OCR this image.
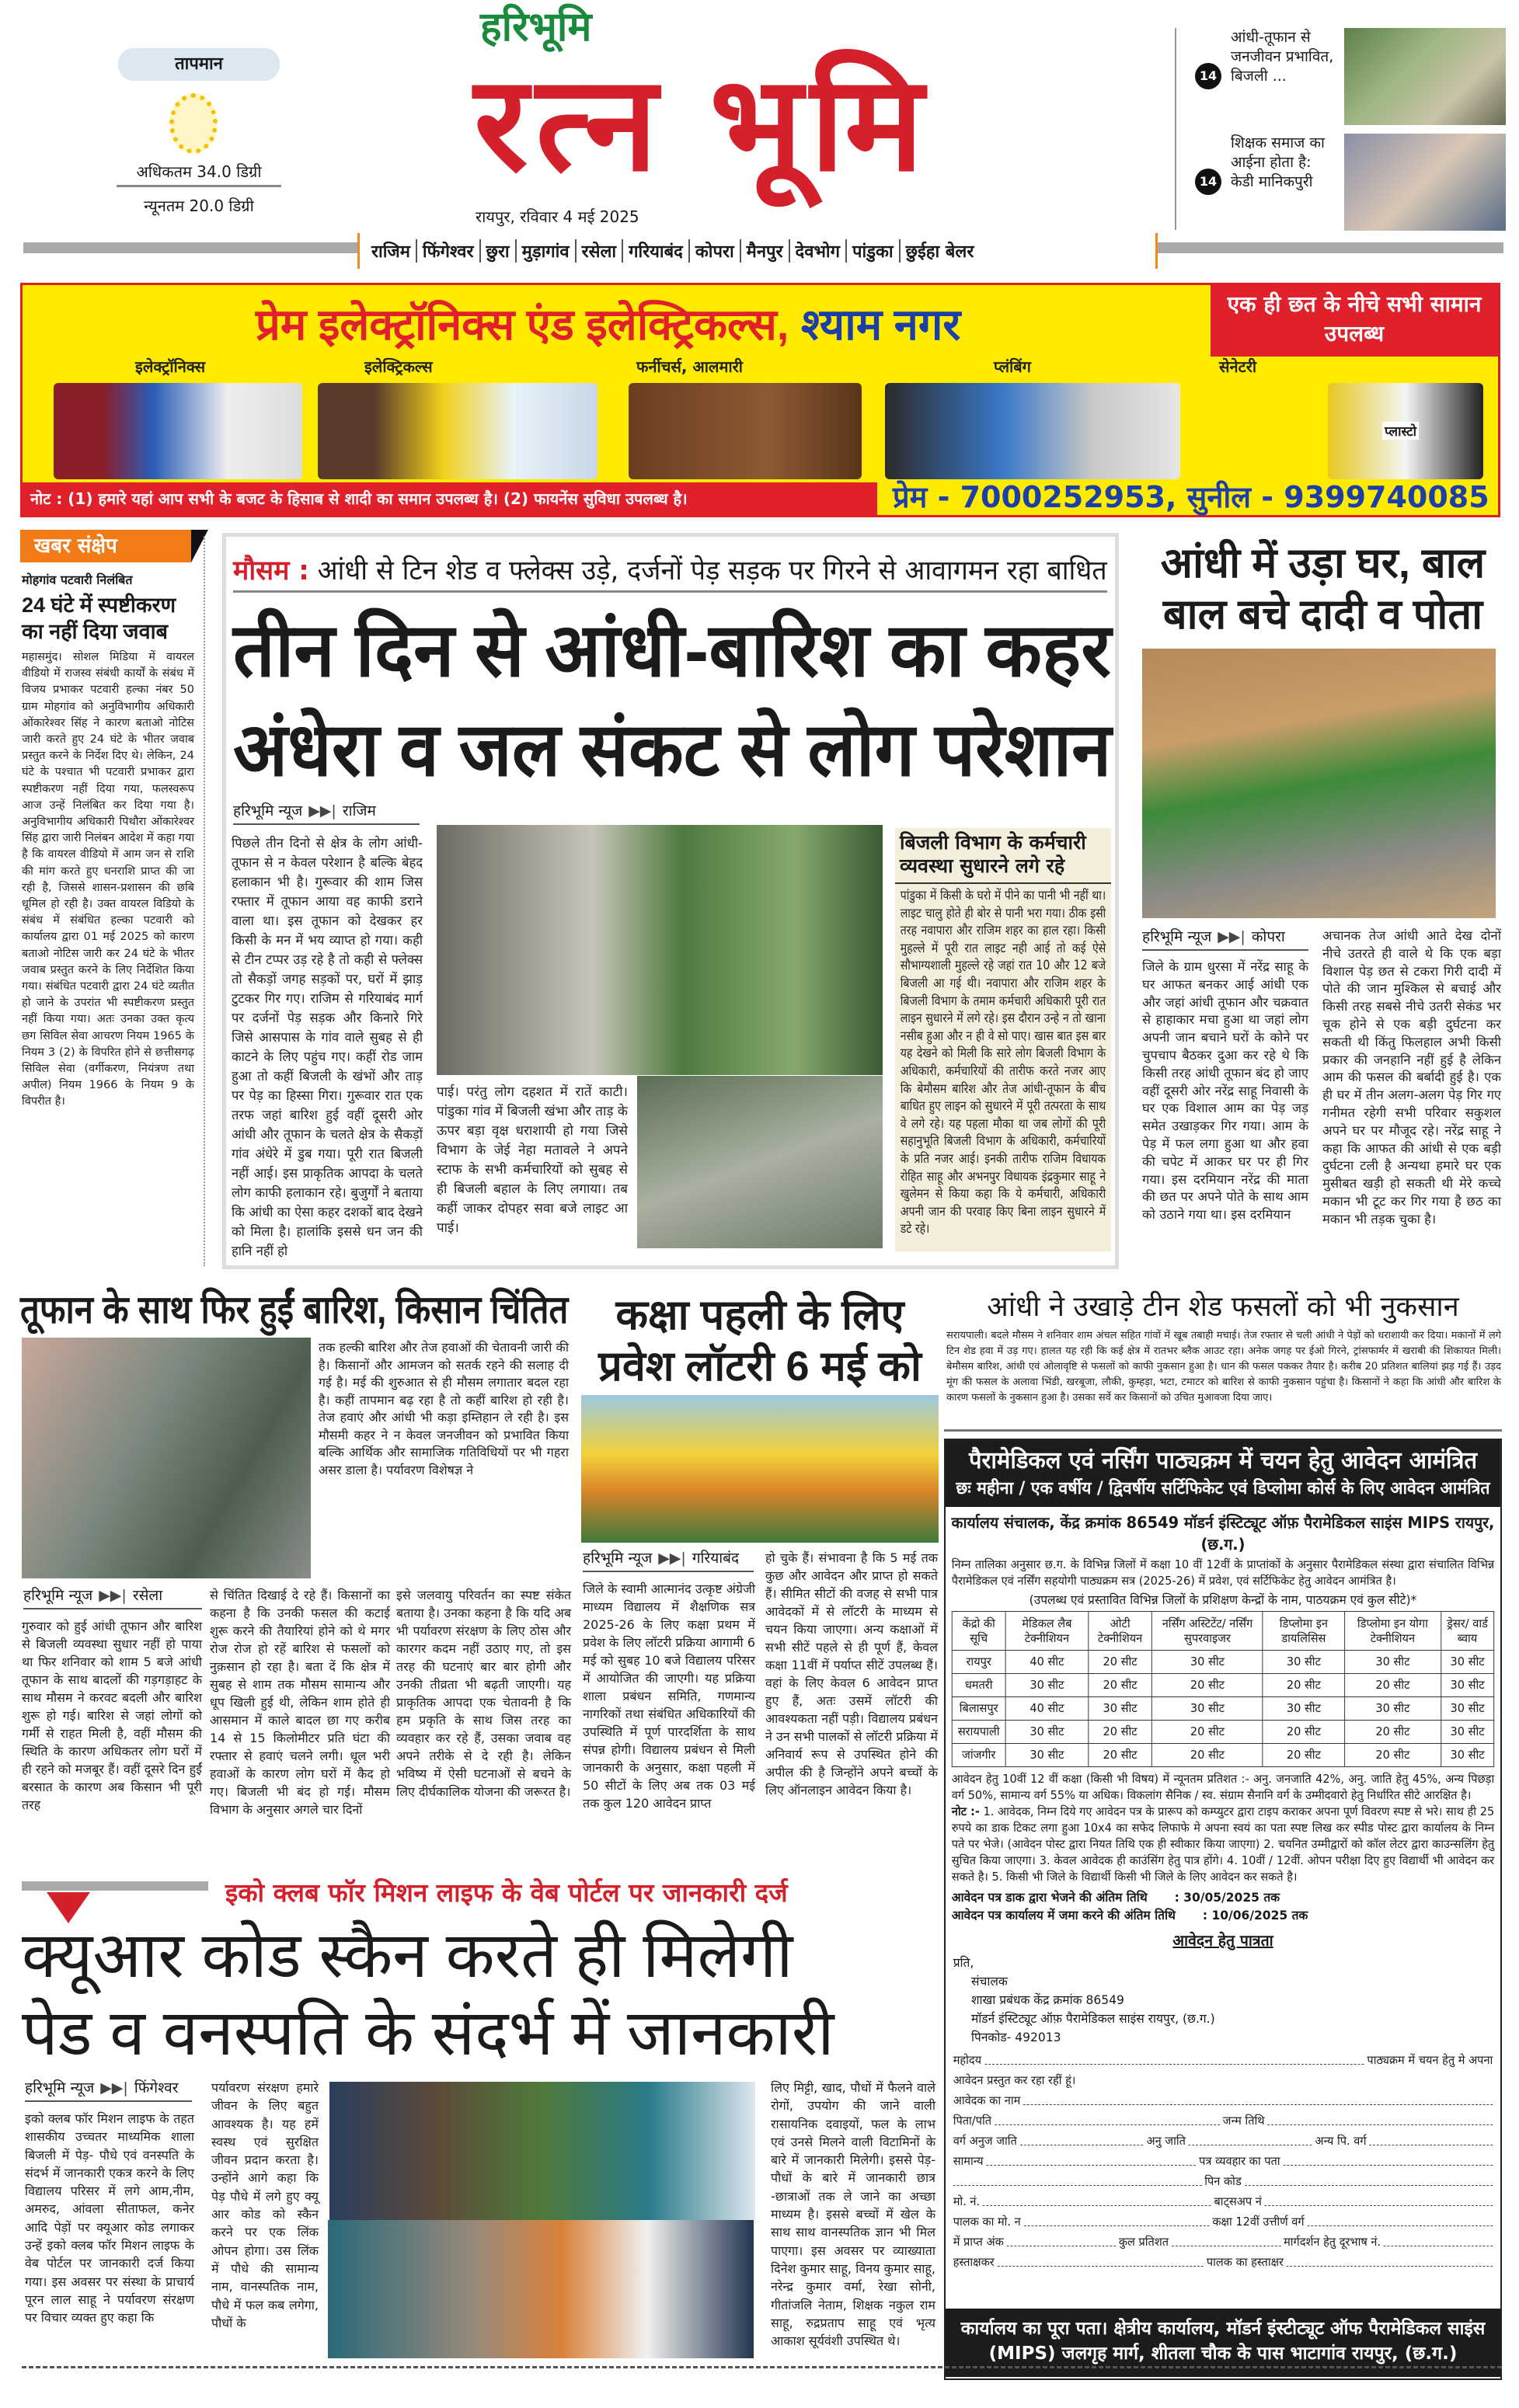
तापमान
अधिकतम 34.0 डिग्री
न्यूनतम 20.0 डिग्री
हरिभूमि
रत्न भूमि
रायपुर, रविवार 4 मई 2025
14
आंधी-तूफान से जनजीवन प्रभावित, बिजली ...
14
शिक्षक समाज का आईना होता है: केडी मानिकपुरी
राजिम फिंगेश्वर छुरा मुड़ागांव रसेला गरियाबंद कोपरा मैनपुर देवभोग पांडुका छुईहा बेलर
प्रेम इलेक्ट्रॉनिक्स एंड इलेक्ट्रिकल्स, श्याम नगर	एक ही छत के नीचे सभी सामान उपलब्ध
प्लास्टो
इलेक्ट्रॉनिक्स	इलेक्ट्रिकल्स	फर्नीचर्स, आलमारी	प्लंबिंग	सेनेटरी
नोट : (1) हमारे यहां आप सभी के बजट के हिसाब से शादी का समान उपलब्ध है। (2) फायनेंस सुविधा उपलब्ध है।	प्रेम - 7000252953, सुनील - 9399740085
खबर संक्षेप
मोहगांव पटवारी निलंबित
24 घंटे में स्पष्टीकरण का नहीं दिया जवाब
महासमुंद। सोशल मिडिया में वायरल वीडियो में राजस्व संबंधी कार्यों के संबंध में विजय प्रभाकर पटवारी हल्का नंबर 50 ग्राम मोहगांव को अनुविभागीय अधिकारी ओंकारेश्वर सिंह ने कारण बताओ नोटिस जारी करते हुए 24 घंटे के भीतर जवाब प्रस्तुत करने के निर्देश दिए थे। लेकिन, 24 घंटे के पश्चात भी पटवारी प्रभाकर द्वारा स्पष्टीकरण नहीं दिया गया, फलस्वरूप आज उन्हें निलंबित कर दिया गया है। अनुविभागीय अधिकारी पिथौरा ओंकारेश्वर सिंह द्वारा जारी निलंबन आदेश में कहा गया है कि वायरल वीडियो में आम जन से राशि की मांग करते हुए धनराशि प्राप्त की जा रही है, जिससे शासन-प्रशासन की छबि धूमिल हो रही है। उक्त वायरल विडियो के संबंध में संबंधित हल्का पटवारी को कार्यालय द्वारा 01 मई 2025 को कारण बताओ नोटिस जारी कर 24 घंटे के भीतर जवाब प्रस्तुत करने के लिए निर्देशित किया गया। संबंधित पटवारी द्वारा 24 घंटे व्यतीत हो जाने के उपरांत भी स्पष्टीकरण प्रस्तुत नहीं किया गया। अतः उनका उक्त कृत्य छग सिविल सेवा आचरण नियम 1965 के नियम 3 (2) के विपरित होने से छत्तीसगढ़ सिविल सेवा (वर्गीकरण, नियंत्रण तथा अपील) नियम 1966 के नियम 9 के विपरीत है।
मौसम : आंधी से टिन शेड व फ्लेक्स उड़े, दर्जनों पेड़ सड़क पर गिरने से आवागमन रहा बाधित
तीन दिन से आंधी-बारिश का कहर
अंधेरा व जल संकट से लोग परेशान
हरिभूमि न्यूज ▶▶| राजिम
पिछले तीन दिनो से क्षेत्र के लोग आंधी-तूफान से न केवल परेशान है बल्कि बेहद हलाकान भी है। गुरूवार की शाम जिस रफ्तार में तूफान आया वह काफी डराने वाला था। इस तूफान को देखकर हर किसी के मन में भय व्याप्त हो गया। कही से टीन टप्पर उड़ रहे है तो कही से फ्लेक्स तो सैकड़ों जगह सड़कों पर, घरों में झाड़ टुटकर गिर गए। राजिम से गरियाबंद मार्ग पर दर्जनों पेड़ सड़क और किनारे गिरे जिसे आसपास के गांव वाले सुबह से ही काटने के लिए पहुंच गए। कहीं रोड जाम हुआ तो कहीं बिजली के खंभों और ताड़ पर पेड़ का हिस्सा गिरा। गुरूवार रात एक तरफ जहां बारिश हुई वहीं दूसरी ओर आंधी और तूफान के चलते क्षेत्र के सैकड़ों गांव अंधेरे में डुब गया। पूरी रात बिजली नहीं आई। इस प्राकृतिक आपदा के चलते लोग काफी हलाकान रहे। बुजुर्गों ने बताया कि आंधी का ऐसा कहर दशकों बाद देखने को मिला है। हालांकि इससे धन जन की हानि नहीं हो
पाई। परंतु लोग दहशत में रातें काटी। पांडुका गांव में बिजली खंभा और ताड़ के ऊपर बड़ा वृक्ष धराशायी हो गया जिसे विभाग के जेई नेहा मतावले ने अपने स्टाफ के सभी कर्मचारियों को सुबह से ही बिजली बहाल के लिए लगाया। तब कहीं जाकर दोपहर सवा बजे लाइट आ पाई।
बिजली विभाग के कर्मचारी व्यवस्था सुधारने लगे रहे
पांडुका में किसी के घरो में पीने का पानी भी नहीं था। लाइट चालु होते ही बोर से पानी भरा गया। ठीक इसी तरह नवापारा और राजिम शहर का हाल रहा। किसी मुहल्ले में पूरी रात लाइट नही आई तो कई ऐसे सौभाग्यशाली मुहल्ले रहे जहां रात 10 और 12 बजे बिजली आ गई थी। नवापारा और राजिम शहर के बिजली विभाग के तमाम कर्मचारी अधिकारी पूरी रात लाइन सुधारने में लगे रहे। इस दौरान उन्हे न तो खाना नसीब हुआ और न ही वे सो पाए। खास बात इस बार यह देखने को मिली कि सारे लोग बिजली विभाग के अधिकारी, कर्मचारियों की तारीफ करते नजर आए कि बेमौसम बारिश और तेज आंधी-तूफान के बीच बाधित हुए लाइन को सुधारने में पूरी तत्परता के साथ वे लगे रहे। यह पहला मौका था जब लोगों की पूरी सहानुभूति बिजली विभाग के अधिकारी, कर्मचारियों के प्रति नजर आई। इनकी तारीफ राजिम विधायक रोहित साहू और अभनपुर विधायक इंद्रकुमार साहू ने खुलेमन से किया कहा कि ये कर्मचारी, अधिकारी अपनी जान की परवाह किए बिना लाइन सुधारने में डटे रहे।
आंधी में उड़ा घर, बाल बाल बचे दादी व पोता
हरिभूमि न्यूज ▶▶| कोपरा
जिले के ग्राम धुरसा में नरेंद्र साहू के घर आफत बनकर आई आंधी एक और जहां आंधी तूफान और चक्रवात से हाहाकार मचा हुआ था जहां लोग अपनी जान बचाने घरों के कोने पर चुपचाप बैठकर दुआ कर रहे थे कि किसी तरह आंधी तूफान बंद हो जाए वहीं दूसरी ओर नरेंद्र साहू निवासी के घर एक विशाल आम का पेड़ जड़ समेत उखाड़कर गिर गया। आम के पेड़ में फल लगा हुआ था और हवा की चपेट में आकर घर पर ही गिर गया। इस दरमियान नरेंद्र की माता की छत पर अपने पोते के साथ आम को उठाने गया था। इस दरमियान
अचानक तेज आंधी आते देख दोनों नीचे उतरते ही वाले थे कि एक बड़ा विशाल पेड़ छत से टकरा गिरी दादी में पोते की जान मुश्किल से बचाई और किसी तरह सबसे नीचे उतरी सेकंड भर चूक होने से एक बड़ी दुर्घटना कर सकती थी किंतु फिलहाल अभी किसी प्रकार की जनहानि नहीं हुई है लेकिन आम की फसल की बर्बादी हुई है। एक ही घर में तीन अलग-अलग पेड़ गिर गए गनीमत रहेगी सभी परिवार सकुशल अपने घर पर मौजूद रहे। नरेंद्र साहू ने कहा कि आफत की आंधी से एक बड़ी दुर्घटना टली है अन्यथा हमारे घर एक मुसीबत खड़ी हो सकती थी मेरे कच्चे मकान भी टूट कर गिर गया है छठ का मकान भी तड़क चुका है।
तूफान के साथ फिर हुईं बारिश, किसान चिंतित
तक हल्की बारिश और तेज हवाओं की चेतावनी जारी की है। किसानों और आमजन को सतर्क रहने की सलाह दी गई है। मई की शुरुआत से ही मौसम लगातार बदल रहा है। कहीं तापमान बढ़ रहा है तो कहीं बारिश हो रही है। तेज हवाएं और आंधी भी कड़ा इम्तिहान ले रही है। इस मौसमी कहर ने न केवल जनजीवन को प्रभावित किया बल्कि आर्थिक और सामाजिक गतिविधियों पर भी गहरा असर डाला है। पर्यावरण विशेषज्ञ ने
हरिभूमि न्यूज ▶▶| रसेला
गुरुवार को हुई आंधी तूफान और बारिश से बिजली व्यवस्था सुधार नहीं हो पाया था फिर शनिवार को शाम 5 बजे आंधी तूफान के साथ बादलों की गड़गड़ाहट के साथ मौसम ने करवट बदली और बारिश शुरू हो गई। बारिश से जहां लोगों को गर्मी से राहत मिली है, वहीं मौसम की स्थिति के कारण अधिकतर लोग घरों में ही रहने को मजबूर हैं। वहीं दूसरे दिन हुईं बरसात के कारण अब किसान भी पूरी तरह
से चिंतित दिखाई दे रहे हैं। किसानों का कहना है कि उनकी फसल की कटाई शुरू करने की तैयारियां होने को थे मगर रोज रोज हो रहें बारिश से फसलों को नुक़सान हो रहा है। बता दें कि क्षेत्र में सुबह से शाम तक मौसम सामान्य और धूप खिली हुई थी, लेकिन शाम होते ही आसमान में काले बादल छा गए करीब 14 से 15 किलोमीटर प्रति घंटा की रफ्तार से हवाएं चलने लगी। धूल भरी हवाओं के कारण लोग घरों में कैद हो गए। बिजली भी बंद हो गई। मौसम विभाग के अनुसार अगले चार दिनों
इसे जलवायु परिवर्तन का स्पष्ट संकेत बताया है। उनका कहना है कि यदि अब भी पर्यावरण संरक्षण के लिए ठोस और कारगर कदम नहीं उठाए गए, तो इस तरह की घटनाएं बार बार होगी और उनकी तीव्रता भी बढ़ती जाएगी। यह प्राकृतिक आपदा एक चेतावनी है कि हम प्रकृति के साथ जिस तरह का व्यवहार कर रहे हैं, उसका जवाब वह अपने तरीके से दे रही है। लेकिन भविष्य में ऐसी घटनाओं से बचने के लिए दीर्घकालिक योजना की जरूरत है।
कक्षा पहली के लिए प्रवेश लॉटरी 6 मई को
हरिभूमि न्यूज ▶▶| गरियाबंद
जिले के स्वामी आत्मानंद उत्कृष्ट अंग्रेजी माध्यम विद्यालय में शैक्षणिक सत्र 2025-26 के लिए कक्षा प्रथम में प्रवेश के लिए लॉटरी प्रक्रिया आगामी 6 मई को सुबह 10 बजे विद्यालय परिसर में आयोजित की जाएगी। यह प्रक्रिया शाला प्रबंधन समिति, गणमान्य नागरिकों तथा संबंधित अधिकारियों की उपस्थिति में पूर्ण पारदर्शिता के साथ संपन्न होगी। विद्यालय प्रबंधन से मिली जानकारी के अनुसार, कक्षा पहली में 50 सीटों के लिए अब तक 03 मई तक कुल 120 आवेदन प्राप्त
हो चुके हैं। संभावना है कि 5 मई तक कुछ और आवेदन और प्राप्त हो सकते हैं। सीमित सीटों की वजह से सभी पात्र आवेदकों में से लॉटरी के माध्यम से चयन किया जाएगा। अन्य कक्षाओं में सभी सीटें पहले से ही पूर्ण हैं, केवल कक्षा 11वीं में पर्याप्त सीटें उपलब्ध हैं। वहां के लिए केवल 6 आवेदन प्राप्त हुए हैं, अतः उसमें लॉटरी की आवश्यकता नहीं पड़ी। विद्यालय प्रबंधन ने उन सभी पालकों से लॉटरी प्रक्रिया में अनिवार्य रूप से उपस्थित होने की अपील की है जिन्होंने अपने बच्चों के लिए ऑनलाइन आवेदन किया है।
आंधी ने उखाड़े टीन शेड फसलों को भी नुकसान
सरायपाली। बदले मौसम ने शनिवार शाम अंचल सहित गांवों में खूब तबाही मचाई। तेज रफ्तार से चली आंधी ने पेड़ों को धराशायी कर दिया। मकानों में लगे टिन शेड हवा में उड़ गए। हालत यह रही कि कई क्षेत्र में रातभर ब्लैक आउट रहा। अनेक जगह पर ईओ गिरने, ट्रांसफार्मर में खराबी की शिकायत मिली। बेमौसम बारिश, आंधी एवं ओलावृष्टि से फसलों को काफी नुकसान हुआ है। धान की फसल पककर तैयार है। करीब 20 प्रतिशत बालियां झड़ गई हैं। उड़द मूंग की फसल के अलावा भिंडी, खरबूजा, लौकी, कुम्हड़ा, भटा, टमाटर को बारिश से काफी नुकसान पहुंचा है। किसानों ने कहा कि आंधी और बारिश के कारण फसलों के नुकसान हुआ है। उसका सर्वे कर किसानों को उचित मुआवजा दिया जाए।
पैरामेडिकल एवं नर्सिंग पाठ्यक्रम में चयन हेतु आवेदन आमंत्रित
छः महीना / एक वर्षीय / द्विवर्षीय सर्टिफिकेट एवं डिप्लोमा कोर्स के लिए आवेदन आमंत्रित
कार्यालय संचालक, केंद्र क्रमांक 86549 मॉडर्न इंस्टिट्यूट ऑफ़ पैरामेडिकल साइंस MIPS रायपुर, (छ.ग.)
निम्न तालिका अनुसार छ.ग. के विभिन्न जिलों में कक्षा 10 वीं 12वीं के प्राप्तांकों के अनुसार पैरामेडिकल संस्था द्वारा संचालित विभिन्न पैरामेडिकल एवं नर्सिंग सहयोगी पाठ्यक्रम सत्र (2025-26) में प्रवेश, एवं सर्टिफिकेट हेतु आवेदन आमंत्रित है।
(उपलब्ध एवं प्रस्तावित विभिन्न जिलों के प्रशिक्षण केन्द्रों के नाम, पाठयक्रम एवं कुल सीटे)*
केंद्रो की सूचि	मेडिकल लैब टेक्नीशियन	ओटी टेक्नीशियन	नर्सिंग अस्टिटेंट/ नर्सिंग सुपरवाइजर	डिप्लोमा इन डायलिसिस	डिप्लोमा इन योगा टेक्नीशियन	ड्रेसर/ वार्ड ब्वाय
रायपुर	40 सीट	20 सीट	30 सीट	30 सीट	30 सीट	30 सीट
धमतरी	30 सीट	20 सीट	20 सीट	20 सीट	20 सीट	30 सीट
बिलासपुर	40 सीट	30 सीट	30 सीट	30 सीट	30 सीट	30 सीट
सरायपाली	30 सीट	20 सीट	20 सीट	20 सीट	20 सीट	30 सीट
जांजगीर	30 सीट	20 सीट	20 सीट	20 सीट	20 सीट	30 सीट
आवेदन हेतु 10वीं 12 वीं कक्षा (किसी भी विषय) में न्यूनतम प्रतिशत :- अनु. जनजाति 42%, अनु. जाति हेतु 45%, अन्य पिछड़ा वर्ग 50%, सामान्य वर्ग 55% या अधिक। विकलांग सैनिक / स्व. संग्राम सैनानि वर्ग के उम्मीदवारो हेतु निर्धारित सीटे आरक्षित है।
नोट :- 1. आवेदक, निम्न दिये गए आवेदन पत्र के प्रारूप को कम्प्युटर द्वारा टाइप कराकर अपना पूर्ण विवरण स्पष्ट से भरे। साथ ही 25 रुपये का डाक टिकट लगा हुआ 10x4 का सफेद लिफाफे मे अपना स्वयं का पता स्पष्ट लिख कर स्पीड पोस्ट द्वारा कार्यालय के निम्न पते पर भेजे। (आवेदन पोस्ट द्वारा नियत तिथि एक ही स्वीकार किया जाएगा) 2. चयनित उम्मीद्वारों को कॉल लेटर द्वारा काउन्सलिंग हेतु सुचित किया जाएगा। 3. केवल आवेदक ही काउंसिंग हेतु पात्र होंगे। 4. 10वीं / 12वीं. ओपन परीक्षा दिए हुए विद्यार्थी भी आवेदन कर सकते है। 5. किसी भी जिले के विद्यार्थी किसी भी जिले के लिए आवेदन कर सकते है।
आवेदन पत्र डाक द्वारा भेजने की अंतिम तिथि : 30/05/2025 तक
आवेदन पत्र कार्यालय में जमा करने की अंतिम तिथि : 10/06/2025 तक
आवेदन हेतु पात्रता
प्रति,
संचालक
शाखा प्रबंधक केंद्र क्रमांक 86549
मॉडर्न इंस्टिट्यूट ऑफ़ पैरामेडिकल साइंस रायपुर, (छ.ग.)
पिनकोड- 492013
महोदय	पाठ्यक्रम में चयन हेतु मे अपना
आवेदन प्रस्तुत कर रहा रहीं हूं।
आवेदक का नाम
पिता/पति	जन्म तिथि
वर्ग अनुज जाति	अनु जाति	अन्य पि. वर्ग
सामान्य	पत्र व्यवहार का पता
पिन कोड
मो. नं.	बाट्सअप नं
पालक का मो. न	कक्षा 12वीं उत्तीर्ण वर्ग
में प्राप्त अंक	कुल प्रतिशत	मार्गदर्शन हेतु दूरभाष नं.
हस्ताक्षकर	पालक का हस्ताक्षर
कार्यालय का पूरा पता। क्षेत्रीय कार्यालय, मॉडर्न इंस्टीट्यूट ऑफ पैरामेडिकल साइंस (MIPS) जलगृह मार्ग, शीतला चौक के पास भाटागांव रायपुर, (छ.ग.)
इको क्लब फॉर मिशन लाइफ के वेब पोर्टल पर जानकारी दर्ज
क्यूआर कोड स्कैन करते ही मिलेगी
पेड व वनस्पति के संदर्भ में जानकारी
हरिभूमि न्यूज ▶▶| फिंगेश्वर
इको क्लब फॉर मिशन लाइफ के तहत शासकीय उच्चतर माध्यमिक शाला बिजली में पेड़- पौधे एवं वनस्पति के संदर्भ में जानकारी एकत्र करने के लिए विद्यालय परिसर में लगे आम,नीम, अमरुद, आंवला सीताफल, कनेर आदि पेड़ों पर क्यूआर कोड लगाकर उन्हें इको क्लब फॉर मिशन लाइफ के वेब पोर्टल पर जानकारी दर्ज किया गया। इस अवसर पर संस्था के प्राचार्य पूरन लाल साहू ने पर्यावरण संरक्षण पर विचार व्यक्त हुए कहा कि
पर्यावरण संरक्षण हमारे जीवन के लिए बहुत आवश्यक है। यह हमें स्वस्थ एवं सुरक्षित जीवन प्रदान करता है। उन्होंने आगे कहा कि पेड़ पौधे में लगे हुए क्यू आर कोड को स्कैन करने पर एक लिंक ओपन होगा। उस लिंक में पौधे की सामान्य नाम, वानस्पतिक नाम, पौधे में फल कब लगेगा, पौधों के
लिए मिट्टी, खाद, पौधों में फैलने वाले रोगों, उपयोग की जाने वाली रासायनिक दवाइयों, फल के लाभ एवं उनसे मिलने वाली विटामिनों के बारे में जानकारी मिलेगी। इससे पेड़- पौधों के बारे में जानकारी छात्र -छात्राओं तक ले जाने का अच्छा माध्यम है। इससे बच्चों में खेल के साथ साथ वानस्पतिक ज्ञान भी मिल पाएगा। इस अवसर पर व्याख्याता दिनेश कुमार साहू, विनय कुमार साहू, नरेन्द्र कुमार वर्मा, रेखा सोनी, गीतांजलि नेताम, शिक्षक नकुल राम साहू, रुद्रप्रताप साहू एवं भृत्य आकाश सूर्यवंशी उपस्थित थे।
